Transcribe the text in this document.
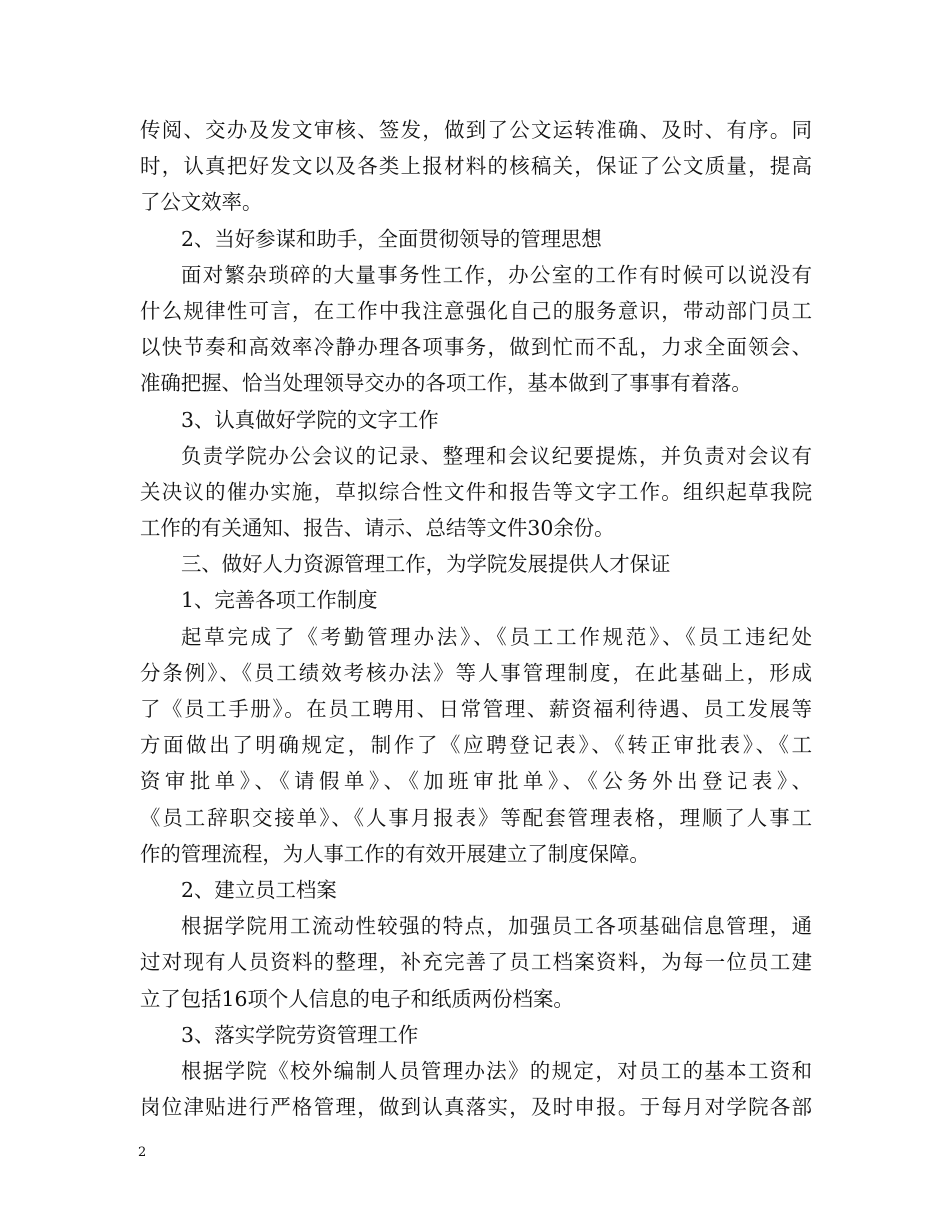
传阅、交办及发文审核、签发，做到了公文运转准确、及时、有序。同
时，认真把好发文以及各类上报材料的核稿关，保证了公文质量，提高
了公文效率。
2、当好参谋和助手，全面贯彻领导的管理思想
面对繁杂琐碎的大量事务性工作，办公室的工作有时候可以说没有
什么规律性可言，在工作中我注意强化自己的服务意识，带动部门员工
以快节奏和高效率冷静办理各项事务，做到忙而不乱，力求全面领会、
准确把握、恰当处理领导交办的各项工作，基本做到了事事有着落。
3、认真做好学院的文字工作
负责学院办公会议的记录、整理和会议纪要提炼，并负责对会议有
关决议的催办实施，草拟综合性文件和报告等文字工作。组织起草我院
工作的有关通知、报告、请示、总结等文件30余份。
三、做好人力资源管理工作，为学院发展提供人才保证
1、完善各项工作制度
起草完成了《考勤管理办法》、《员工工作规范》、《员工违纪处
分条例》、《员工绩效考核办法》等人事管理制度，在此基础上，形成
了《员工手册》。在员工聘用、日常管理、薪资福利待遇、员工发展等
方面做出了明确规定，制作了《应聘登记表》、《转正审批表》、《工
资审批单》、《请假单》、《加班审批单》、《公务外出登记表》、
《员工辞职交接单》、《人事月报表》等配套管理表格，理顺了人事工
作的管理流程，为人事工作的有效开展建立了制度保障。
2、建立员工档案
根据学院用工流动性较强的特点，加强员工各项基础信息管理，通
过对现有人员资料的整理，补充完善了员工档案资料，为每一位员工建
立了包括16项个人信息的电子和纸质两份档案。
3、落实学院劳资管理工作
根据学院《校外编制人员管理办法》的规定，对员工的基本工资和
岗位津贴进行严格管理，做到认真落实，及时申报。于每月对学院各部
2
